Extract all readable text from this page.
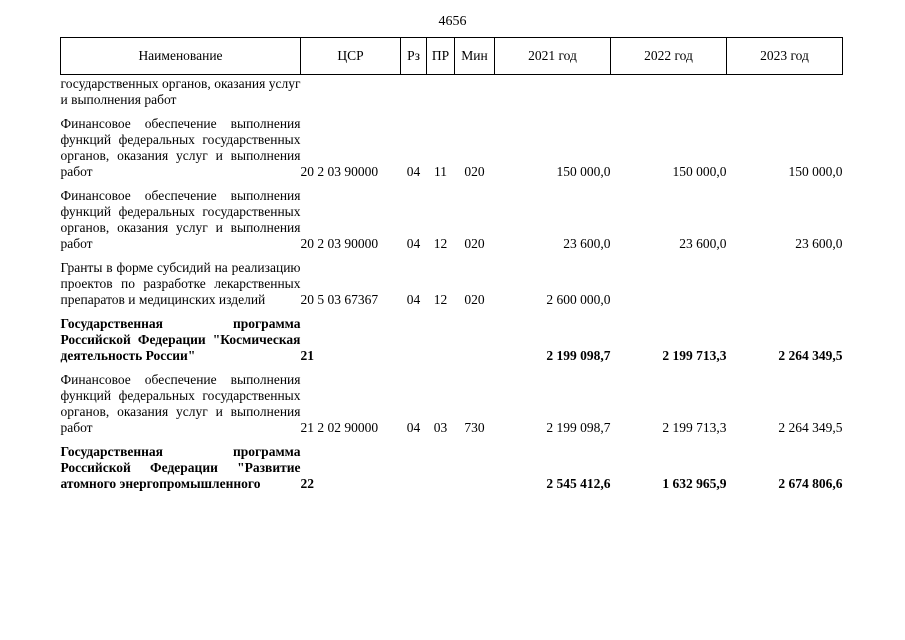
4656
Наименование	ЦСР	Рз	ПР	Мин	2021 год	2022 год	2023 год
государственных органов, оказания услуг и выполнения работ							

Финансовое обеспечение выполнения функций федеральных государственных органов, оказания услуг и выполнения работ	20 2 03 90000	04	11	020	150 000,0	150 000,0	150 000,0

Финансовое обеспечение выполнения функций федеральных государственных органов, оказания услуг и выполнения работ	20 2 03 90000	04	12	020	23 600,0	23 600,0	23 600,0

Гранты в форме субсидий на реализацию проектов по разработке лекарственных препаратов и медицинских изделий	20 5 03 67367	04	12	020	2 600 000,0		

Государственная программа Российской Федерации "Космическая деятельность России"	21				2 199 098,7	2 199 713,3	2 264 349,5

Финансовое обеспечение выполнения функций федеральных государственных органов, оказания услуг и выполнения работ	21 2 02 90000	04	03	730	2 199 098,7	2 199 713,3	2 264 349,5

Государственная программа Российской Федерации "Развитие атомного энергопромышленного	22				2 545 412,6	1 632 965,9	2 674 806,6
